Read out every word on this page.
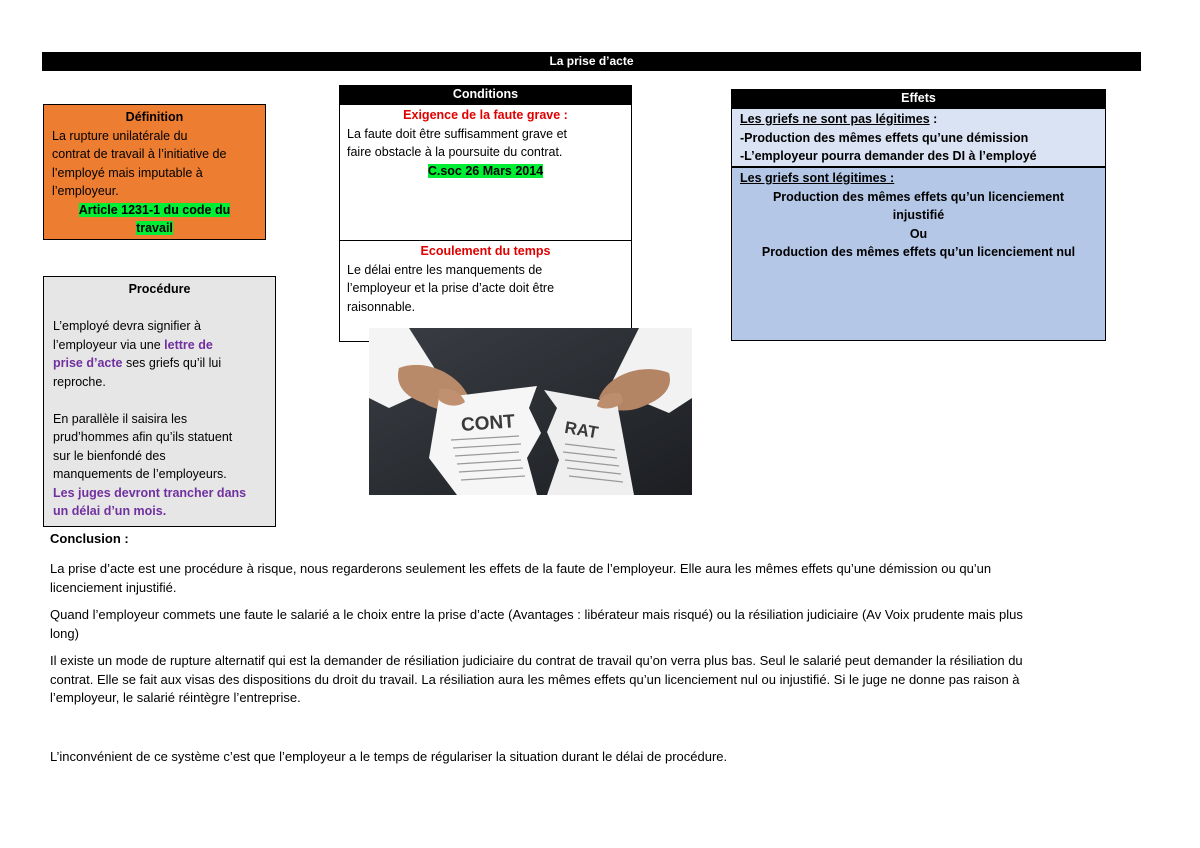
La prise d’acte
Définition
La rupture unilatérale du
contrat de travail à l’initiative de
l’employé mais imputable à
l’employeur.
Article 1231-1 du code du
travail
Procédure

L’employé devra signifier à
l’employeur via une lettre de
prise d’acte ses griefs qu’il lui
reproche.

En parallèle il saisira les
prud’hommes afin qu’ils statuent
sur le bienfondé des
manquements de l’employeurs.
Les juges devront trancher dans
un délai d’un mois.
Conditions
Exigence de la faute grave :
La faute doit être suffisamment grave et
faire obstacle à la poursuite du contrat.
C.soc 26 Mars 2014
Ecoulement du temps
Le délai entre les manquements de
l’employeur et la prise d’acte doit être
raisonnable.
CONT	RAT
Effets
Les griefs ne sont pas légitimes :
-Production des mêmes effets qu’une démission
-L’employeur pourra demander des DI à l’employé
Les griefs sont légitimes :
Production des mêmes effets qu’un licenciement
injustifié
Ou
Production des mêmes effets qu’un licenciement nul
Conclusion :

La prise d’acte est une procédure à risque, nous regarderons seulement les effets de la faute de l’employeur. Elle aura les mêmes effets qu’une démission ou qu’un
licenciement injustifié.

Quand l’employeur commets une faute le salarié a le choix entre la prise d’acte (Avantages : libérateur mais risqué) ou la résiliation judiciaire (Av Voix prudente mais plus
long)

Il existe un mode de rupture alternatif qui est la demander de résiliation judiciaire du contrat de travail qu’on verra plus bas. Seul le salarié peut demander la résiliation du
contrat. Elle se fait aux visas des dispositions du droit du travail. La résiliation aura les mêmes effets qu’un licenciement nul ou injustifié. Si le juge ne donne pas raison à
l’employeur, le salarié réintègre l’entreprise.

L’inconvénient de ce système c’est que l’employeur a le temps de régulariser la situation durant le délai de procédure.
